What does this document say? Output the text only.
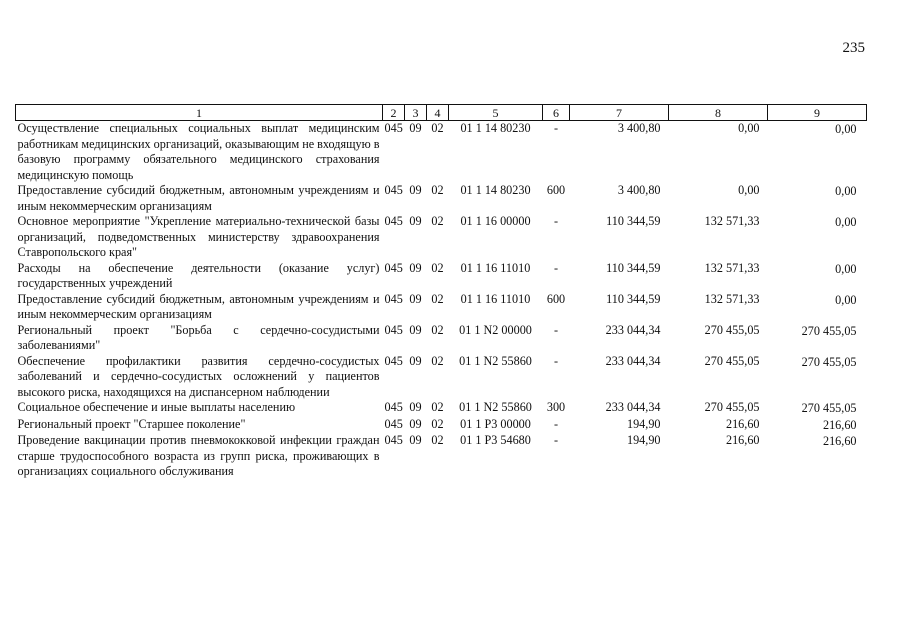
235
1	2	3	4	5	6	7	8	9
Осуществление специальных социальных выплат медицинским работникам медицинских организаций, оказывающим не входящую в базовую программу обязательного медицинского страхования медицинскую помощь	045	09	02	01 1 14 80230	-	3 400,80	0,00	0,00
Предоставление субсидий бюджетным, автономным учреждениям и иным некоммерческим организациям	045	09	02	01 1 14 80230	600	3 400,80	0,00	0,00
Основное мероприятие "Укрепление материально-технической базы организаций, подведомственных министерству здравоохранения Ставропольского края"	045	09	02	01 1 16 00000	-	110 344,59	132 571,33	0,00
Расходы на обеспечение деятельности (оказание услуг) государственных учреждений	045	09	02	01 1 16 11010	-	110 344,59	132 571,33	0,00
Предоставление субсидий бюджетным, автономным учреждениям и иным некоммерческим организациям	045	09	02	01 1 16 11010	600	110 344,59	132 571,33	0,00
Региональный проект "Борьба с сердечно-сосудистыми заболеваниями"	045	09	02	01 1 N2 00000	-	233 044,34	270 455,05	270 455,05
Обеспечение профилактики развития сердечно-сосудистых заболеваний и сердечно-сосудистых осложнений у пациентов высокого риска, находящихся на диспансерном наблюдении	045	09	02	01 1 N2 55860	-	233 044,34	270 455,05	270 455,05
Социальное обеспечение и иные выплаты населению	045	09	02	01 1 N2 55860	300	233 044,34	270 455,05	270 455,05
Региональный проект "Старшее поколение"	045	09	02	01 1 P3 00000	-	194,90	216,60	216,60
Проведение вакцинации против пневмококковой инфекции граждан старше трудоспособного возраста из групп риска, проживающих в организациях социального обслуживания	045	09	02	01 1 P3 54680	-	194,90	216,60	216,60
